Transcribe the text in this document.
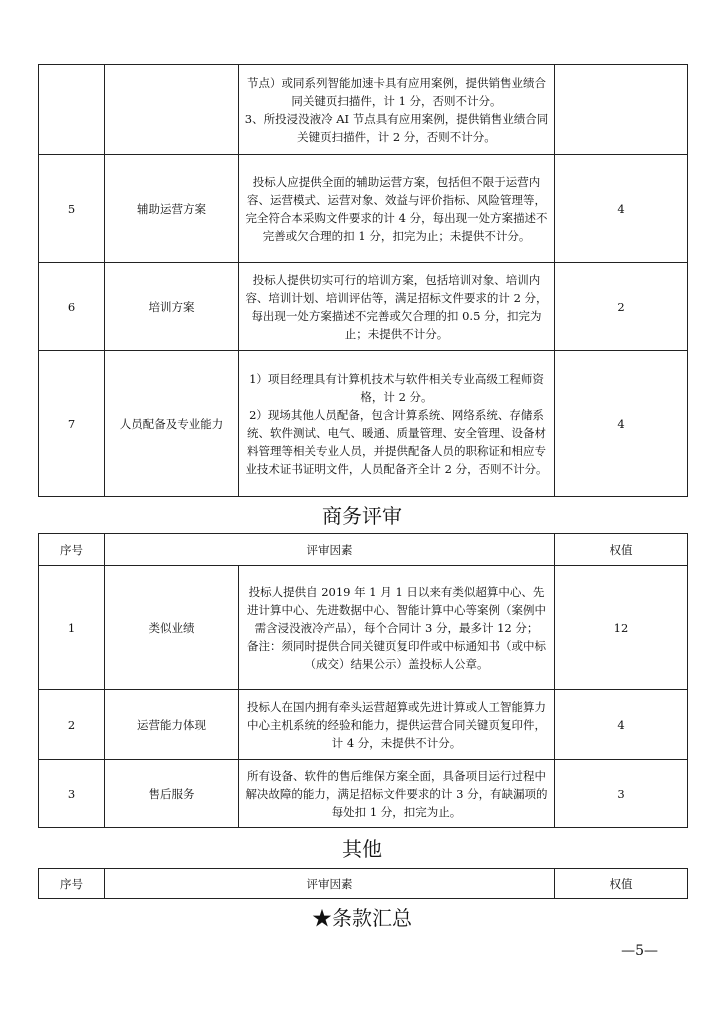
		节点）或同系列智能加速卡具有应用案例，提供销售业绩合同关键页扫描件，计 1 分，否则不计分。

3、所投浸没液冷 AI 节点具有应用案例，提供销售业绩合同关键页扫描件，计 2 分，否则不计分。	

5	辅助运营方案	投标人应提供全面的辅助运营方案，包括但不限于运营内容、运营模式、运营对象、效益与评价指标、风险管理等，完全符合本采购文件要求的计 4 分，每出现一处方案描述不完善或欠合理的扣 1 分，扣完为止；未提供不计分。	4
6	培训方案	投标人提供切实可行的培训方案，包括培训对象、培训内容、培训计划、培训评估等，满足招标文件要求的计 2 分，每出现一处方案描述不完善或欠合理的扣 0.5 分，扣完为止；未提供不计分。	2
7	人员配备及专业能力	1）项目经理具有计算机技术与软件相关专业高级工程师资格，计 2 分。

2）现场其他人员配备，包含计算系统、网络系统、存储系统、软件测试、电气、暖通、质量管理、安全管理、设备材料管理等相关专业人员，并提供配备人员的职称证和相应专业技术证书证明文件，人员配备齐全计 2 分，否则不计分。	4
商务评审
序号	评审因素		权值
1	类似业绩	投标人提供自 2019 年 1 月 1 日以来有类似超算中心、先进计算中心、先进数据中心、智能计算中心等案例（案例中需含浸没液冷产品），每个合同计 3 分，最多计 12 分；

备注：须同时提供合同关键页复印件或中标通知书（或中标（成交）结果公示）盖投标人公章。	12
2	运营能力体现	投标人在国内拥有牵头运营超算或先进计算或人工智能算力中心主机系统的经验和能力，提供运营合同关键页复印件，计 4 分，未提供不计分。	4
3	售后服务	所有设备、软件的售后维保方案全面，具备项目运行过程中解决故障的能力，满足招标文件要求的计 3 分，有缺漏项的每处扣 1 分，扣完为止。	3
其他
序号	评审因素	权值
★条款汇总
—5—
